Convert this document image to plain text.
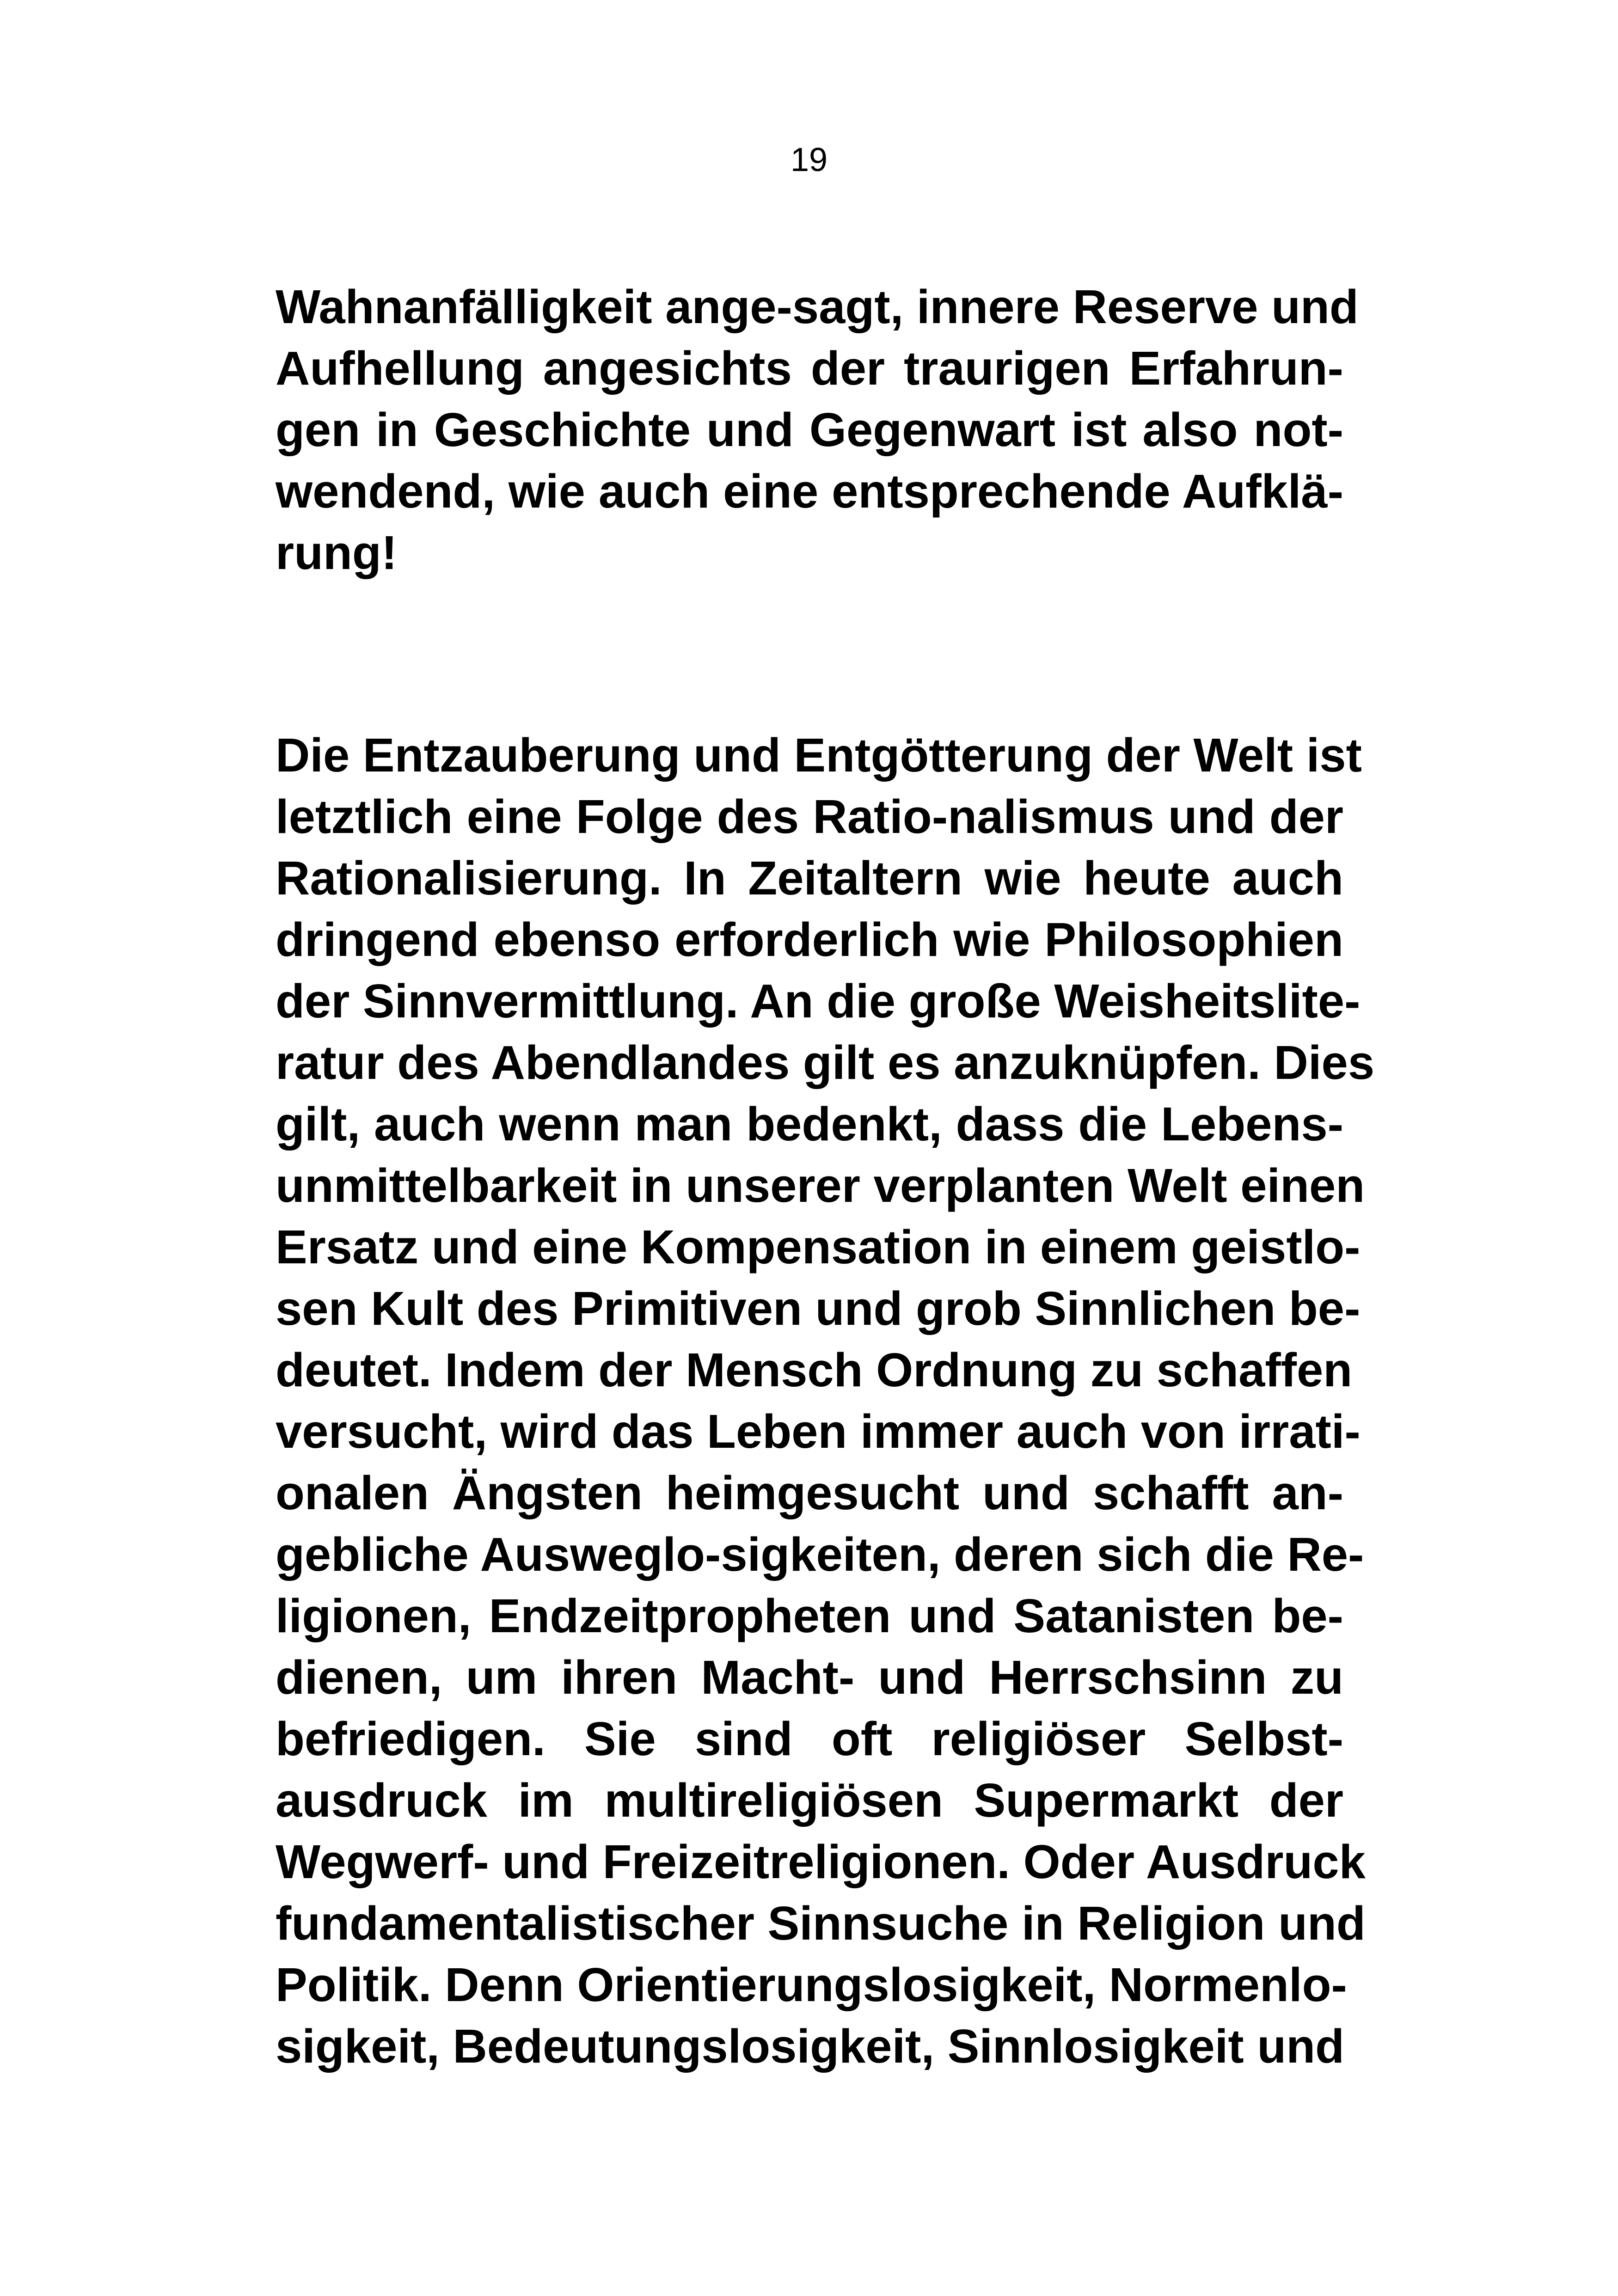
19
Wahnanfälligkeit ange-sagt, innere Reserve und
Aufhellung angesichts der traurigen Erfahrun-
gen in Geschichte und Gegenwart ist also not-
wendend, wie auch eine entsprechende Aufklä-
rung!
Die Entzauberung und Entgötterung der Welt ist
letztlich eine Folge des Ratio-nalismus und der
Rationalisierung. In Zeitaltern wie heute auch
dringend ebenso erforderlich wie Philosophien
der Sinnvermittlung. An die große Weisheitslite-
ratur des Abendlandes gilt es anzuknüpfen. Dies
gilt, auch wenn man bedenkt, dass die Lebens-
unmittelbarkeit in unserer verplanten Welt einen
Ersatz und eine Kompensation in einem geistlo-
sen Kult des Primitiven und grob Sinnlichen be-
deutet. Indem der Mensch Ordnung zu schaffen
versucht, wird das Leben immer auch von irrati-
onalen Ängsten heimgesucht und schafft an-
gebliche Ausweglo-sigkeiten, deren sich die Re-
ligionen, Endzeitpropheten und Satanisten be-
dienen, um ihren Macht- und Herrschsinn zu
befriedigen. Sie sind oft religiöser Selbst-
ausdruck im multireligiösen Supermarkt der
Wegwerf- und Freizeitreligionen. Oder Ausdruck
fundamentalistischer Sinnsuche in Religion und
Politik. Denn Orientierungslosigkeit, Normenlo-
sigkeit, Bedeutungslosigkeit, Sinnlosigkeit und
